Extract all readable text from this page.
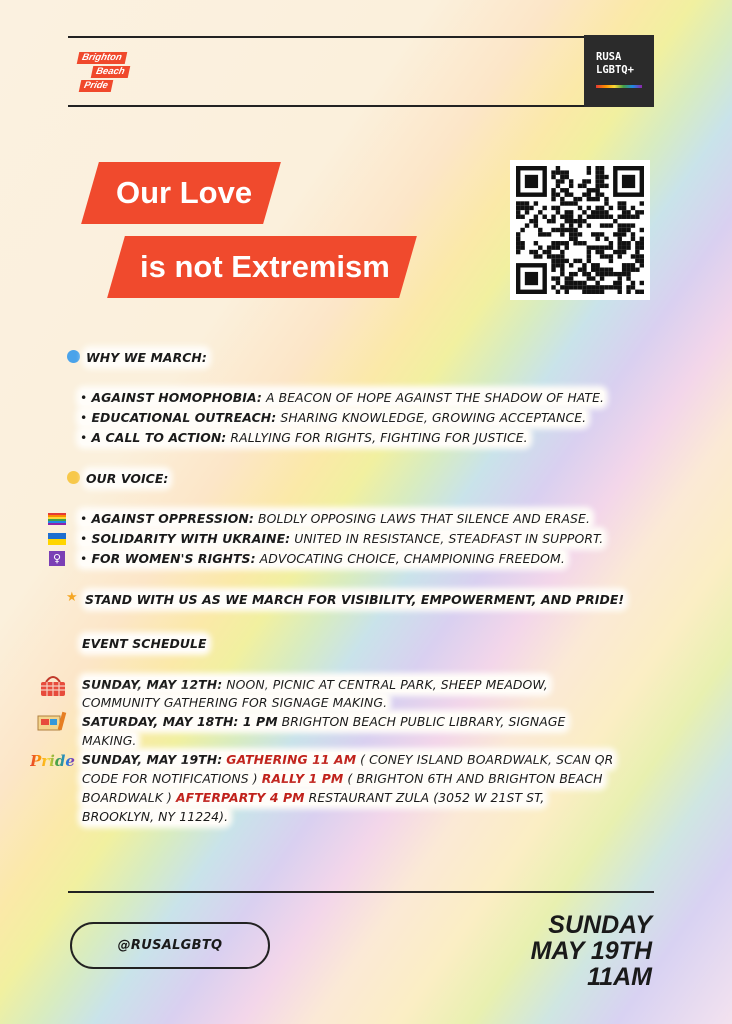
Brighton
Beach
Pride
RUSA
LGBTQ+
Our Love
is not Extremism
WHY WE MARCH:
• AGAINST HOMOPHOBIA: A BEACON OF HOPE AGAINST THE SHADOW OF HATE.
• EDUCATIONAL OUTREACH: SHARING KNOWLEDGE, GROWING ACCEPTANCE.
• A CALL TO ACTION: RALLYING FOR RIGHTS, FIGHTING FOR JUSTICE.
OUR VOICE:
♀
• AGAINST OPPRESSION: BOLDLY OPPOSING LAWS THAT SILENCE AND ERASE.
• SOLIDARITY WITH UKRAINE: UNITED IN RESISTANCE, STEADFAST IN SUPPORT.
• FOR WOMEN'S RIGHTS: ADVOCATING CHOICE, CHAMPIONING FREEDOM.
★ STAND WITH US AS WE MARCH FOR VISIBILITY, EMPOWERMENT, AND PRIDE!
EVENT SCHEDULE
Pride
SUNDAY, MAY 12TH: NOON, PICNIC AT CENTRAL PARK, SHEEP MEADOW,
COMMUNITY GATHERING FOR SIGNAGE MAKING.
SATURDAY, MAY 18TH: 1 PM BRIGHTON BEACH PUBLIC LIBRARY, SIGNAGE
MAKING.
SUNDAY, MAY 19TH: GATHERING 11 AM ( CONEY ISLAND BOARDWALK, SCAN QR
CODE FOR NOTIFICATIONS ) RALLY 1 PM ( BRIGHTON 6TH AND BRIGHTON BEACH
BOARDWALK ) AFTERPARTY 4 PM RESTAURANT ZULA (3052 W 21ST ST,
BROOKLYN, NY 11224).
@RUSALGBTQ
SUNDAY
MAY 19TH
11AM
